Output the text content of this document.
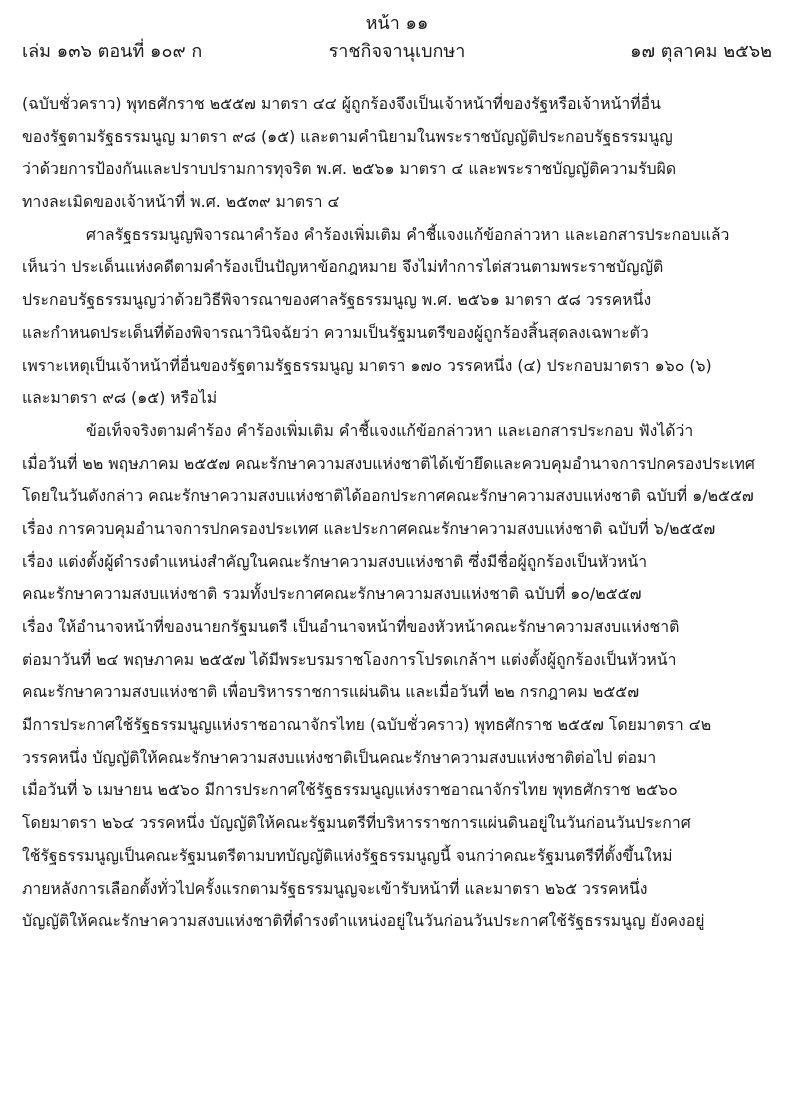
หน้า ๑๑
เล่ม ๑๓๖ ตอนที่ ๑๐๙ ก	ราชกิจจานุเบกษา	๑๗ ตุลาคม ๒๕๖๒
(ฉบับชั่วคราว) พุทธศักราช ๒๕๕๗ มาตรา ๔๔ ผู้ถูกร้องจึงเป็นเจ้าหน้าที่ของรัฐหรือเจ้าหน้าที่อื่น
ของรัฐตามรัฐธรรมนูญ มาตรา ๙๘ (๑๕) และตามคำนิยามในพระราชบัญญัติประกอบรัฐธรรมนูญ
ว่าด้วยการป้องกันและปราบปรามการทุจริต พ.ศ. ๒๕๖๑ มาตรา ๔ และพระราชบัญญัติความรับผิด
ทางละเมิดของเจ้าหน้าที่ พ.ศ. ๒๕๓๙ มาตรา ๔
ศาลรัฐธรรมนูญพิจารณาคำร้อง คำร้องเพิ่มเติม คำชี้แจงแก้ข้อกล่าวหา และเอกสารประกอบแล้ว
เห็นว่า ประเด็นแห่งคดีตามคำร้องเป็นปัญหาข้อกฎหมาย จึงไม่ทำการไต่สวนตามพระราชบัญญัติ
ประกอบรัฐธรรมนูญว่าด้วยวิธีพิจารณาของศาลรัฐธรรมนูญ พ.ศ. ๒๕๖๑ มาตรา ๕๘ วรรคหนึ่ง
และกำหนดประเด็นที่ต้องพิจารณาวินิจฉัยว่า ความเป็นรัฐมนตรีของผู้ถูกร้องสิ้นสุดลงเฉพาะตัว
เพราะเหตุเป็นเจ้าหน้าที่อื่นของรัฐตามรัฐธรรมนูญ มาตรา ๑๗๐ วรรคหนึ่ง (๔) ประกอบมาตรา ๑๖๐ (๖)
และมาตรา ๙๘ (๑๕) หรือไม่
ข้อเท็จจริงตามคำร้อง คำร้องเพิ่มเติม คำชี้แจงแก้ข้อกล่าวหา และเอกสารประกอบ ฟังได้ว่า
เมื่อวันที่ ๒๒ พฤษภาคม ๒๕๕๗ คณะรักษาความสงบแห่งชาติได้เข้ายึดและควบคุมอำนาจการปกครองประเทศ
โดยในวันดังกล่าว คณะรักษาความสงบแห่งชาติได้ออกประกาศคณะรักษาความสงบแห่งชาติ ฉบับที่ ๑/๒๕๕๗
เรื่อง การควบคุมอำนาจการปกครองประเทศ และประกาศคณะรักษาความสงบแห่งชาติ ฉบับที่ ๖/๒๕๕๗
เรื่อง แต่งตั้งผู้ดำรงตำแหน่งสำคัญในคณะรักษาความสงบแห่งชาติ ซึ่งมีชื่อผู้ถูกร้องเป็นหัวหน้า
คณะรักษาความสงบแห่งชาติ รวมทั้งประกาศคณะรักษาความสงบแห่งชาติ ฉบับที่ ๑๐/๒๕๕๗
เรื่อง ให้อำนาจหน้าที่ของนายกรัฐมนตรี เป็นอำนาจหน้าที่ของหัวหน้าคณะรักษาความสงบแห่งชาติ
ต่อมาวันที่ ๒๔ พฤษภาคม ๒๕๕๗ ได้มีพระบรมราชโองการโปรดเกล้าฯ แต่งตั้งผู้ถูกร้องเป็นหัวหน้า
คณะรักษาความสงบแห่งชาติ เพื่อบริหารราชการแผ่นดิน และเมื่อวันที่ ๒๒ กรกฎาคม ๒๕๕๗
มีการประกาศใช้รัฐธรรมนูญแห่งราชอาณาจักรไทย (ฉบับชั่วคราว) พุทธศักราช ๒๕๕๗ โดยมาตรา ๔๒
วรรคหนึ่ง บัญญัติให้คณะรักษาความสงบแห่งชาติเป็นคณะรักษาความสงบแห่งชาติต่อไป ต่อมา
เมื่อวันที่ ๖ เมษายน ๒๕๖๐ มีการประกาศใช้รัฐธรรมนูญแห่งราชอาณาจักรไทย พุทธศักราช ๒๕๖๐
โดยมาตรา ๒๖๔ วรรคหนึ่ง บัญญัติให้คณะรัฐมนตรีที่บริหารราชการแผ่นดินอยู่ในวันก่อนวันประกาศ
ใช้รัฐธรรมนูญเป็นคณะรัฐมนตรีตามบทบัญญัติแห่งรัฐธรรมนูญนี้ จนกว่าคณะรัฐมนตรีที่ตั้งขึ้นใหม่
ภายหลังการเลือกตั้งทั่วไปครั้งแรกตามรัฐธรรมนูญจะเข้ารับหน้าที่ และมาตรา ๒๖๕ วรรคหนึ่ง
บัญญัติให้คณะรักษาความสงบแห่งชาติที่ดำรงตำแหน่งอยู่ในวันก่อนวันประกาศใช้รัฐธรรมนูญ ยังคงอยู่
